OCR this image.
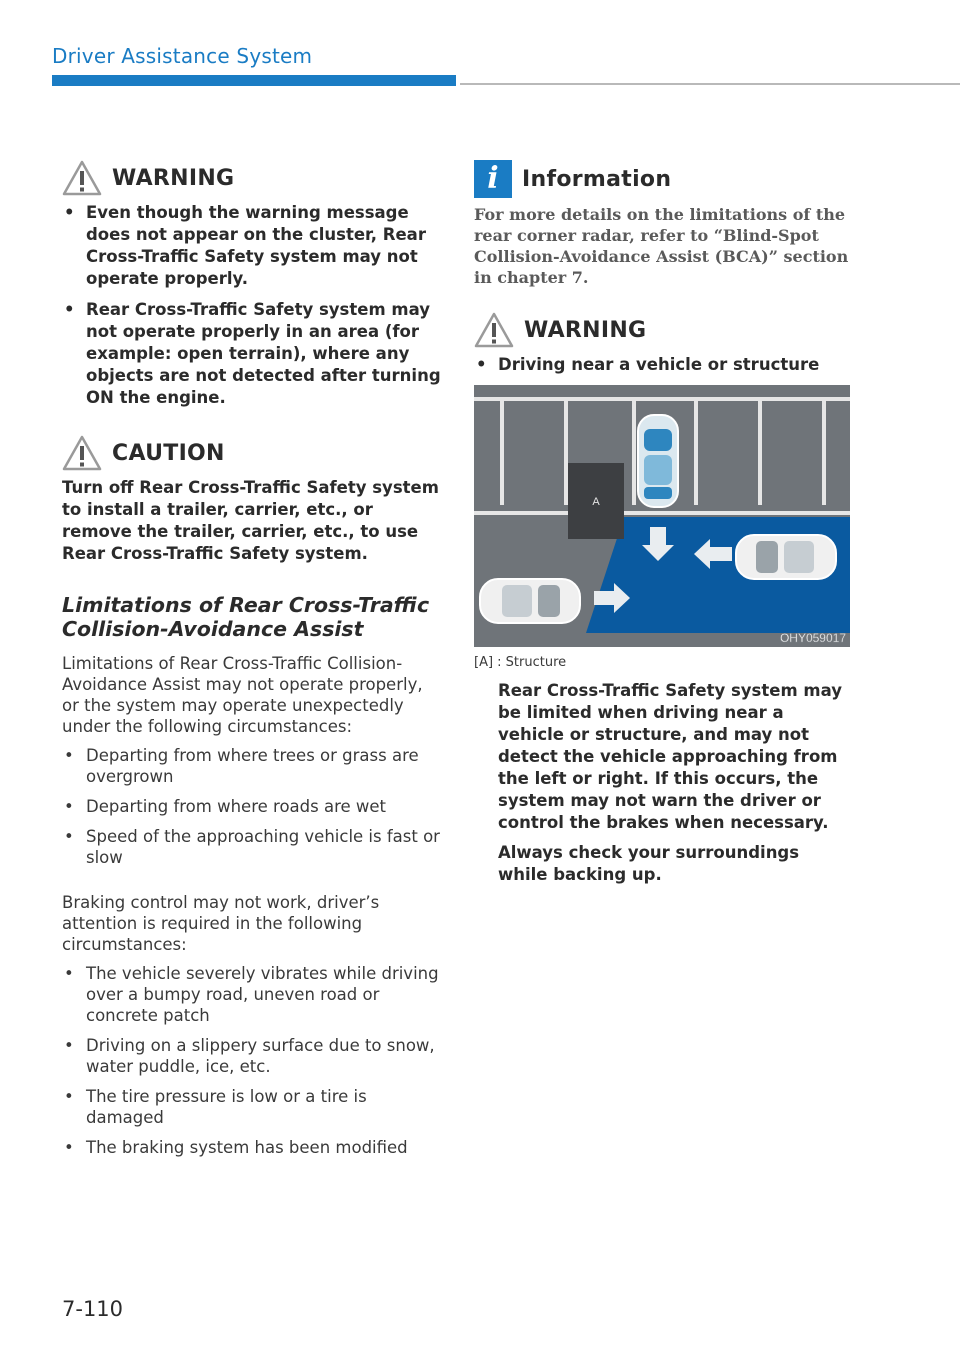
Driver Assistance System
WARNING
• Even though the warning message does not appear on the cluster, Rear Cross-Traffic Safety system may not operate properly.
• Rear Cross-Traffic Safety system may not operate properly in an area (for example: open terrain), where any objects are not detected after turning ON the engine.
CAUTION

Turn off Rear Cross-Traffic Safety system to install a trailer, carrier, etc., or remove the trailer, carrier, etc., to use Rear Cross-Traffic Safety system.

Limitations of Rear Cross-Traffic Collision-Avoidance Assist

Limitations of Rear Cross-Traffic Collision-Avoidance Assist may not operate properly, or the system may operate unexpectedly under the following circumstances:

• Departing from where trees or grass are overgrown
• Departing from where roads are wet
• Speed of the approaching vehicle is fast or slow

Braking control may not work, driver’s attention is required in the following circumstances:

• The vehicle severely vibrates while driving over a bumpy road, uneven road or concrete patch
• Driving on a slippery surface due to snow, water puddle, ice, etc.
• The tire pressure is low or a tire is damaged
• The braking system has been modified
i	Information

For more details on the limitations of the rear corner radar, refer to “Blind-Spot Collision-Avoidance Assist (BCA)” section in chapter 7.

WARNING
• Driving near a vehicle or structure
A
OHY059017
[A] : Structure

Rear Cross-Traffic Safety system may be limited when driving near a vehicle or structure, and may not detect the vehicle approaching from the left or right. If this occurs, the system may not warn the driver or control the brakes when necessary.

Always check your surroundings while backing up.

7-110
